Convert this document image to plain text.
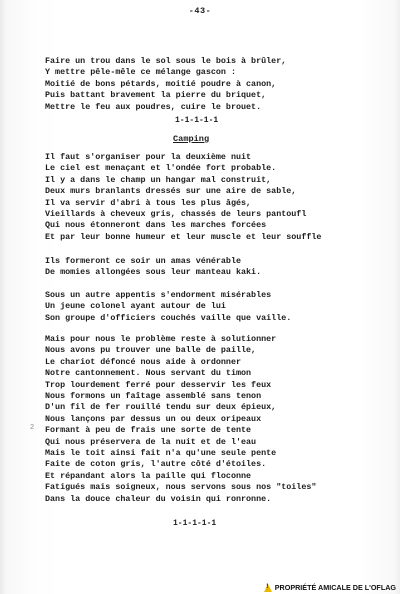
-43-
Faire un trou dans le sol sous le bois à brûler,
Y mettre pêle-mêle ce mélange gascon :
Moitié de bons pétards, moitié poudre à canon,
Puis battant bravement la pierre du briquet,
Mettre le feu aux poudres, cuire le brouet.
1-1-1-1-1
Camping
Il faut s'organiser pour la deuxième nuit
Le ciel est menaçant et l'ondée fort probable.
Il y a dans le champ un hangar mal construit,
Deux murs branlants dressés sur une aire de sable,
Il va servir d'abri à tous les plus âgés,
Vieillards à cheveux gris, chassés de leurs pantoufl
Qui nous étonneront dans les marches forcées
Et par leur bonne humeur et leur muscle et leur souffle
Ils formeront ce soir un amas vénérable
De momies allongées sous leur manteau kaki.
Sous un autre appentis s'endorment misérables
Un jeune colonel ayant autour de lui
Son groupe d'officiers couchés vaille que vaille.
Mais pour nous le problème reste à solutionner
Nous avons pu trouver une balle de paille,
Le chariot défoncé nous aide à ordonner
Notre cantonnement. Nous servant du timon
Trop lourdement ferré pour desservir les feux
Nous formons un faîtage assemblé sans tenon
D'un fil de fer rouillé tendu sur deux épieux,
Nous lançons par dessus un ou deux oripeaux
Formant à peu de frais une sorte de tente
Qui nous préservera de la nuit et de l'eau
Mais le toit ainsi fait n'a qu'une seule pente
Faite de coton gris, l'autre côté d'étoiles.
Et répandant alors la paille qui floconne
Fatigués mais soigneux, nous servons sous nos "toiles"
Dans la douce chaleur du voisin qui ronronne.
1-1-1-1-1
2
!
PROPRIÉTÉ AMICALE DE L'OFLAG
